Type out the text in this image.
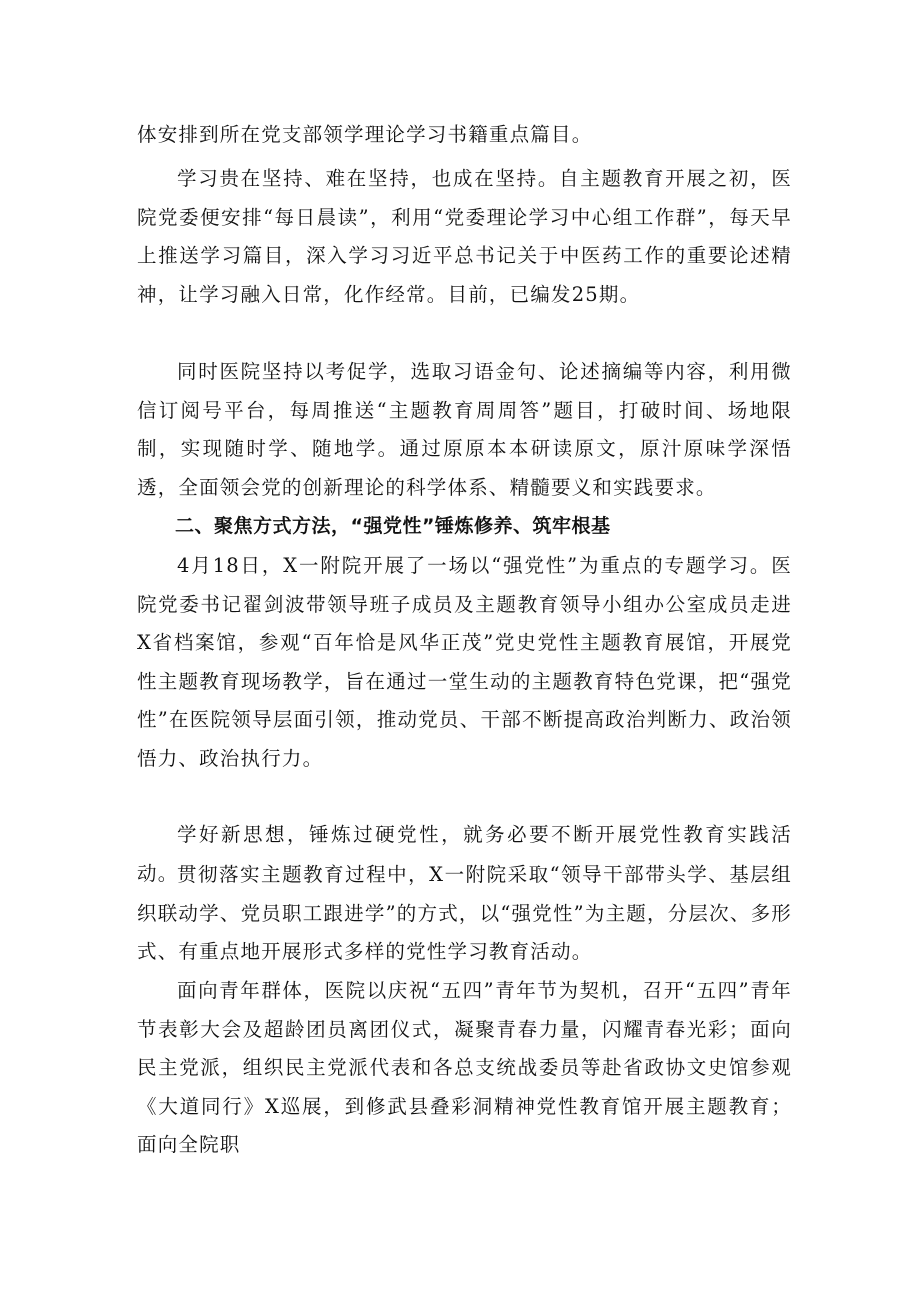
体安排到所在党支部领学理论学习书籍重点篇目。

学习贵在坚持、难在坚持，也成在坚持。自主题教育开展之初，医院党委便安排“每日晨读”，利用“党委理论学习中心组工作群”，每天早上推送学习篇目，深入学习习近平总书记关于中医药工作的重要论述精神，让学习融入日常，化作经常。目前，已编发25期。

同时医院坚持以考促学，选取习语金句、论述摘编等内容，利用微信订阅号平台，每周推送“主题教育周周答”题目，打破时间、场地限制，实现随时学、随地学。通过原原本本研读原文，原汁原味学深悟透，全面领会党的创新理论的科学体系、精髓要义和实践要求。

二、聚焦方式方法，“强党性”锤炼修养、筑牢根基

4月18日，X一附院开展了一场以“强党性”为重点的专题学习。医院党委书记翟剑波带领导班子成员及主题教育领导小组办公室成员走进X省档案馆，参观“百年恰是风华正茂”党史党性主题教育展馆，开展党性主题教育现场教学，旨在通过一堂生动的主题教育特色党课，把“强党性”在医院领导层面引领，推动党员、干部不断提高政治判断力、政治领悟力、政治执行力。

学好新思想，锤炼过硬党性，就务必要不断开展党性教育实践活动。

贯彻落实主题教育过程中，X一附院采取“领导干部带头学、基层组织联动学、党员职工跟进学”的方式，以“强党性”为主题，分层次、多形式、有重点地开展形式多样的党性学习教育活动。

面向青年群体，医院以庆祝“五四”青年节为契机，召开“五四”青年节表彰大会及超龄团员离团仪式，凝聚青春力量，闪耀青春光彩；面向民主党派，组织民主党派代表和各总支统战委员等赴省政协文史馆参观《大道同行》X巡展，到修武县叠彩洞精神党性教育馆开展主题教育；面向全院职
